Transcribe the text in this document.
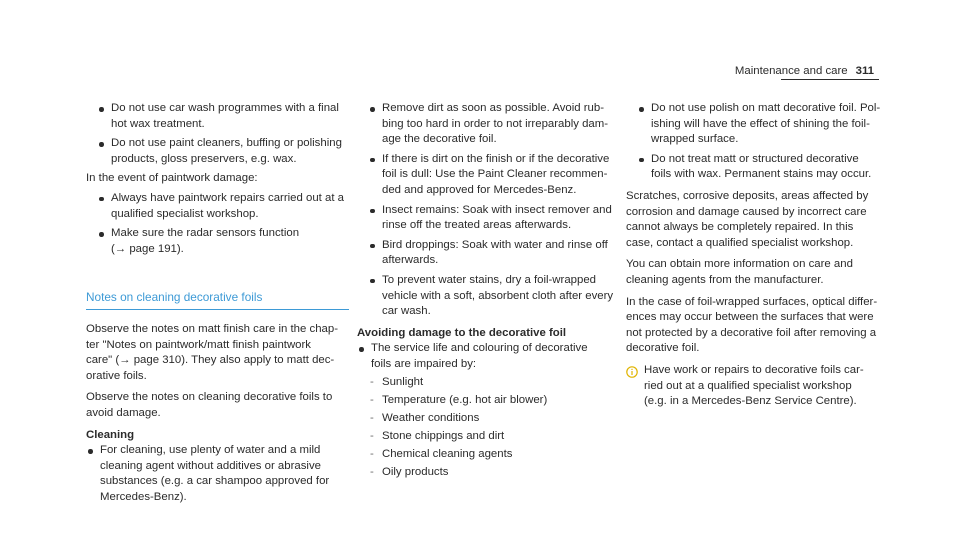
Maintenance and care 311
Do not use car wash programmes with a final
hot wax treatment.
Do not use paint cleaners, buffing or polishing
products, gloss preservers, e.g. wax.

In the event of paintwork damage:

Always have paintwork repairs carried out at a
qualified specialist workshop.
Make sure the radar sensors function
(→ page 191).
Notes on cleaning decorative foils

Observe the notes on matt finish care in the chap-
ter "Notes on paintwork/matt finish paintwork
care" (→ page 310). They also apply to matt dec-
orative foils.

Observe the notes on cleaning decorative foils to
avoid damage.

Cleaning
For cleaning, use plenty of water and a mild
cleaning agent without additives or abrasive
substances (e.g. a car shampoo approved for
Mercedes-Benz).
Remove dirt as soon as possible. Avoid rub-
bing too hard in order to not irreparably dam-
age the decorative foil.
If there is dirt on the finish or if the decorative
foil is dull: Use the Paint Cleaner recommen-
ded and approved for Mercedes-Benz.
Insect remains: Soak with insect remover and
rinse off the treated areas afterwards.
Bird droppings: Soak with water and rinse off
afterwards.
To prevent water stains, dry a foil-wrapped
vehicle with a soft, absorbent cloth after every
car wash.
Avoiding damage to the decorative foil
The service life and colouring of decorative
foils are impaired by:
- Sunlight
- Temperature (e.g. hot air blower)
- Weather conditions
- Stone chippings and dirt
- Chemical cleaning agents
- Oily products
Do not use polish on matt decorative foil. Pol-
ishing will have the effect of shining the foil-
wrapped surface.
Do not treat matt or structured decorative
foils with wax. Permanent stains may occur.

Scratches, corrosive deposits, areas affected by
corrosion and damage caused by incorrect care
cannot always be completely repaired. In this
case, contact a qualified specialist workshop.

You can obtain more information on care and
cleaning agents from the manufacturer.

In the case of foil-wrapped surfaces, optical differ-
ences may occur between the surfaces that were
not protected by a decorative foil after removing a
decorative foil.

Have work or repairs to decorative foils car-
ried out at a qualified specialist workshop
(e.g. in a Mercedes-Benz Service Centre).
